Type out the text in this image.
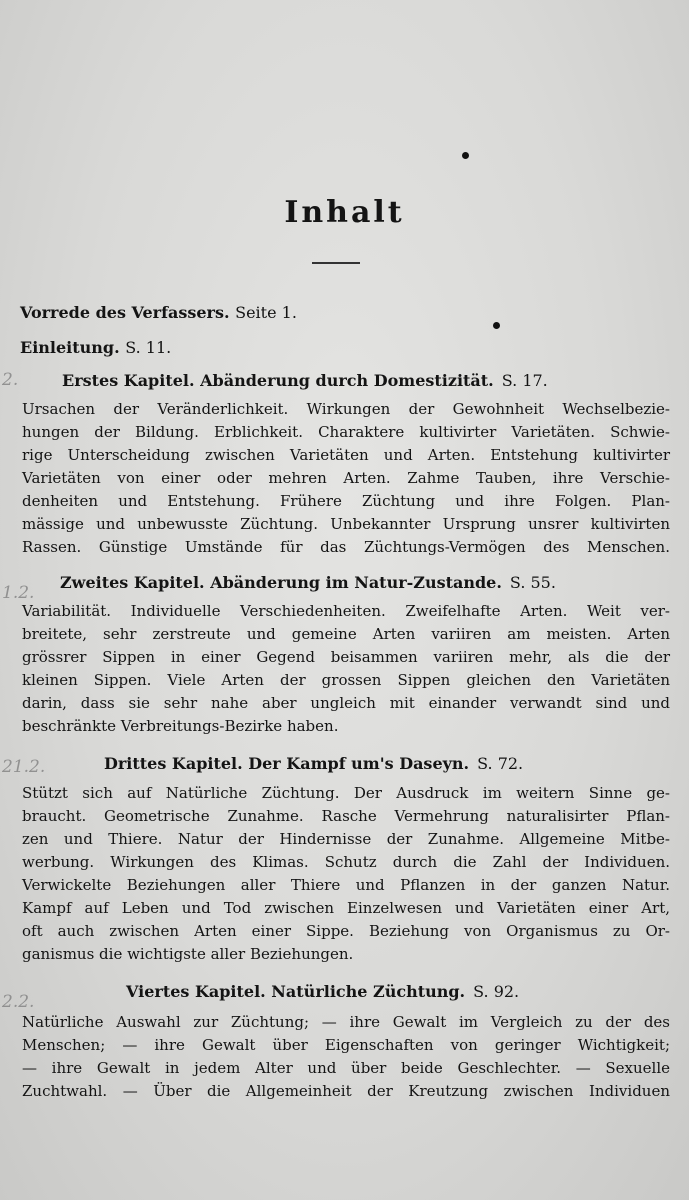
Inhalt
2.
1.2.
21.2.
2.2.
Vorrede des Verfassers. Seite 1.
Einleitung. S. 11.
Erstes Kapitel. Abänderung durch Domestizität. S. 17.
Ursachen der Veränderlichkeit. Wirkungen der Gewohnheit Wechselbezie-
hungen der Bildung. Erblichkeit. Charaktere kultivirter Varietäten. Schwie-
rige Unterscheidung zwischen Varietäten und Arten. Entstehung kultivirter
Varietäten von einer oder mehren Arten. Zahme Tauben, ihre Verschie-
denheiten und Entstehung. Frühere Züchtung und ihre Folgen. Plan-
mässige und unbewusste Züchtung. Unbekannter Ursprung unsrer kultivirten
Rassen. Günstige Umstände für das Züchtungs-Vermögen des Menschen.
Zweites Kapitel. Abänderung im Natur-Zustande. S. 55.
Variabilität. Individuelle Verschiedenheiten. Zweifelhafte Arten. Weit ver-
breitete, sehr zerstreute und gemeine Arten variiren am meisten. Arten
grössrer Sippen in einer Gegend beisammen variiren mehr, als die der
kleinen Sippen. Viele Arten der grossen Sippen gleichen den Varietäten
darin, dass sie sehr nahe aber ungleich mit einander verwandt sind und
beschränkte Verbreitungs-Bezirke haben.
Drittes Kapitel. Der Kampf um's Daseyn. S. 72.
Stützt sich auf Natürliche Züchtung. Der Ausdruck im weitern Sinne ge-
braucht. Geometrische Zunahme. Rasche Vermehrung naturalisirter Pflan-
zen und Thiere. Natur der Hindernisse der Zunahme. Allgemeine Mitbe-
werbung. Wirkungen des Klimas. Schutz durch die Zahl der Individuen.
Verwickelte Beziehungen aller Thiere und Pflanzen in der ganzen Natur.
Kampf auf Leben und Tod zwischen Einzelwesen und Varietäten einer Art,
oft auch zwischen Arten einer Sippe. Beziehung von Organismus zu Or-
ganismus die wichtigste aller Beziehungen.
Viertes Kapitel. Natürliche Züchtung. S. 92.
Natürliche Auswahl zur Züchtung; — ihre Gewalt im Vergleich zu der des
Menschen; — ihre Gewalt über Eigenschaften von geringer Wichtigkeit;
— ihre Gewalt in jedem Alter und über beide Geschlechter. — Sexuelle
Zuchtwahl. — Über die Allgemeinheit der Kreutzung zwischen Individuen
